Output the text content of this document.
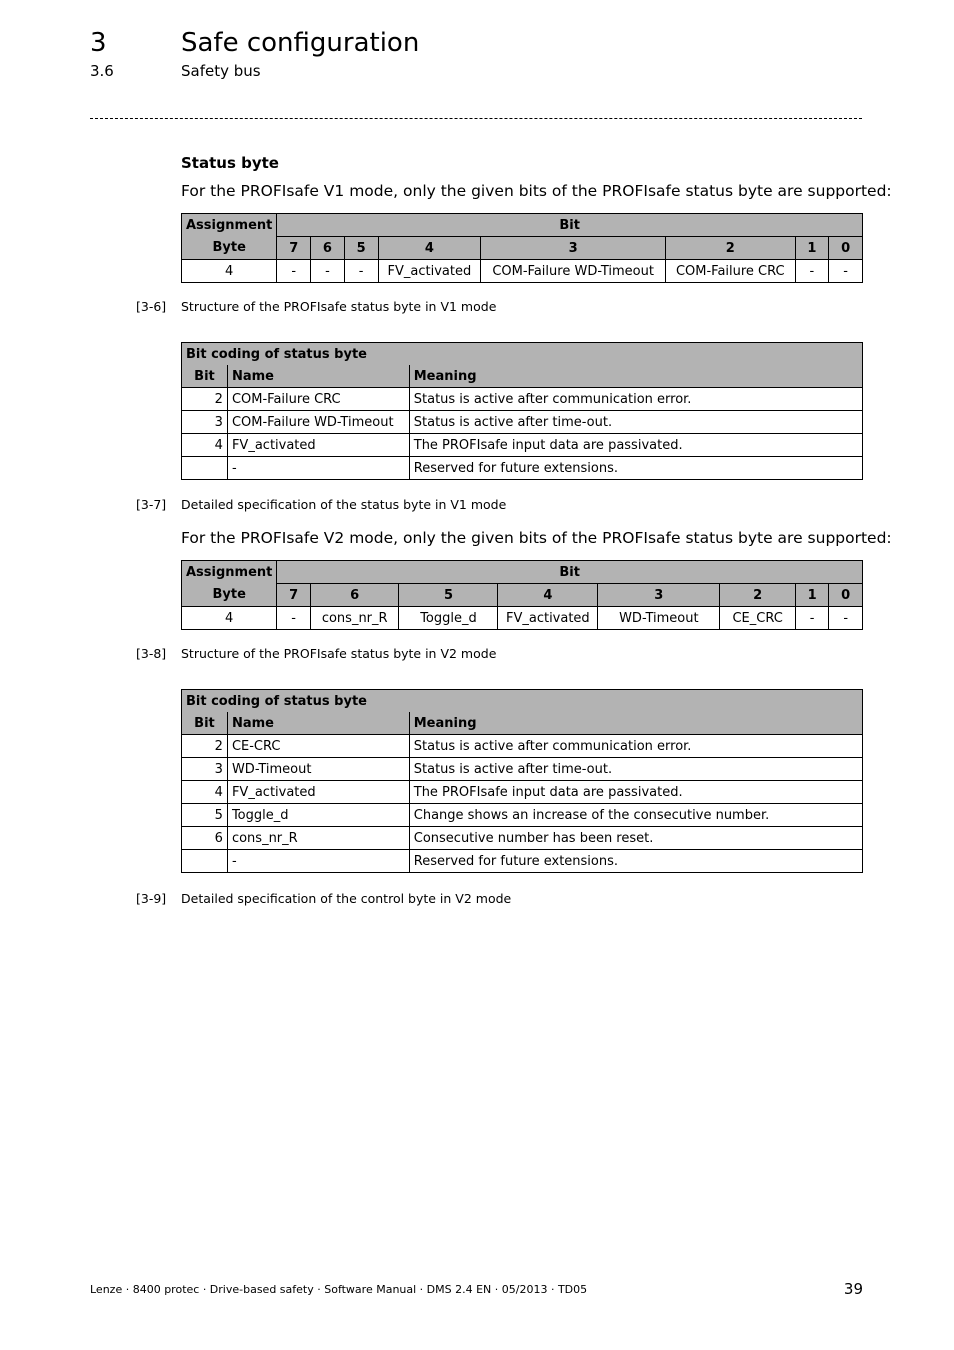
3	Safe configuration
3.6	Safety bus
Status byte
For the PROFIsafe V1 mode, only the given bits of the PROFIsafe status byte are supported:
Assignment	Bit							
Byte	7	6	5	4	3	2	1	0
4	-	-	-	FV_activated	COM-Failure WD-Timeout	COM-Failure CRC	-	-
[3-6] Structure of the PROFIsafe status byte in V1 mode
Bit coding of status byte		
Bit	Name	Meaning
2	COM-Failure CRC	Status is active after communication error.
3	COM-Failure WD-Timeout	Status is active after time-out.
4	FV_activated	The PROFIsafe input data are passivated.
	-	Reserved for future extensions.
[3-7] Detailed specification of the status byte in V1 mode
For the PROFIsafe V2 mode, only the given bits of the PROFIsafe status byte are supported:
Assignment	Bit							
Byte	7	6	5	4	3	2	1	0
4	-	cons_nr_R	Toggle_d	FV_activated	WD-Timeout	CE_CRC	-	-
[3-8] Structure of the PROFIsafe status byte in V2 mode
Bit coding of status byte		
Bit	Name	Meaning
2	CE-CRC	Status is active after communication error.
3	WD-Timeout	Status is active after time-out.
4	FV_activated	The PROFIsafe input data are passivated.
5	Toggle_d	Change shows an increase of the consecutive number.
6	cons_nr_R	Consecutive number has been reset.
	-	Reserved for future extensions.
[3-9] Detailed specification of the control byte in V2 mode
Lenze · 8400 protec · Drive-based safety · Software Manual · DMS 2.4 EN · 05/2013 · TD05	39
